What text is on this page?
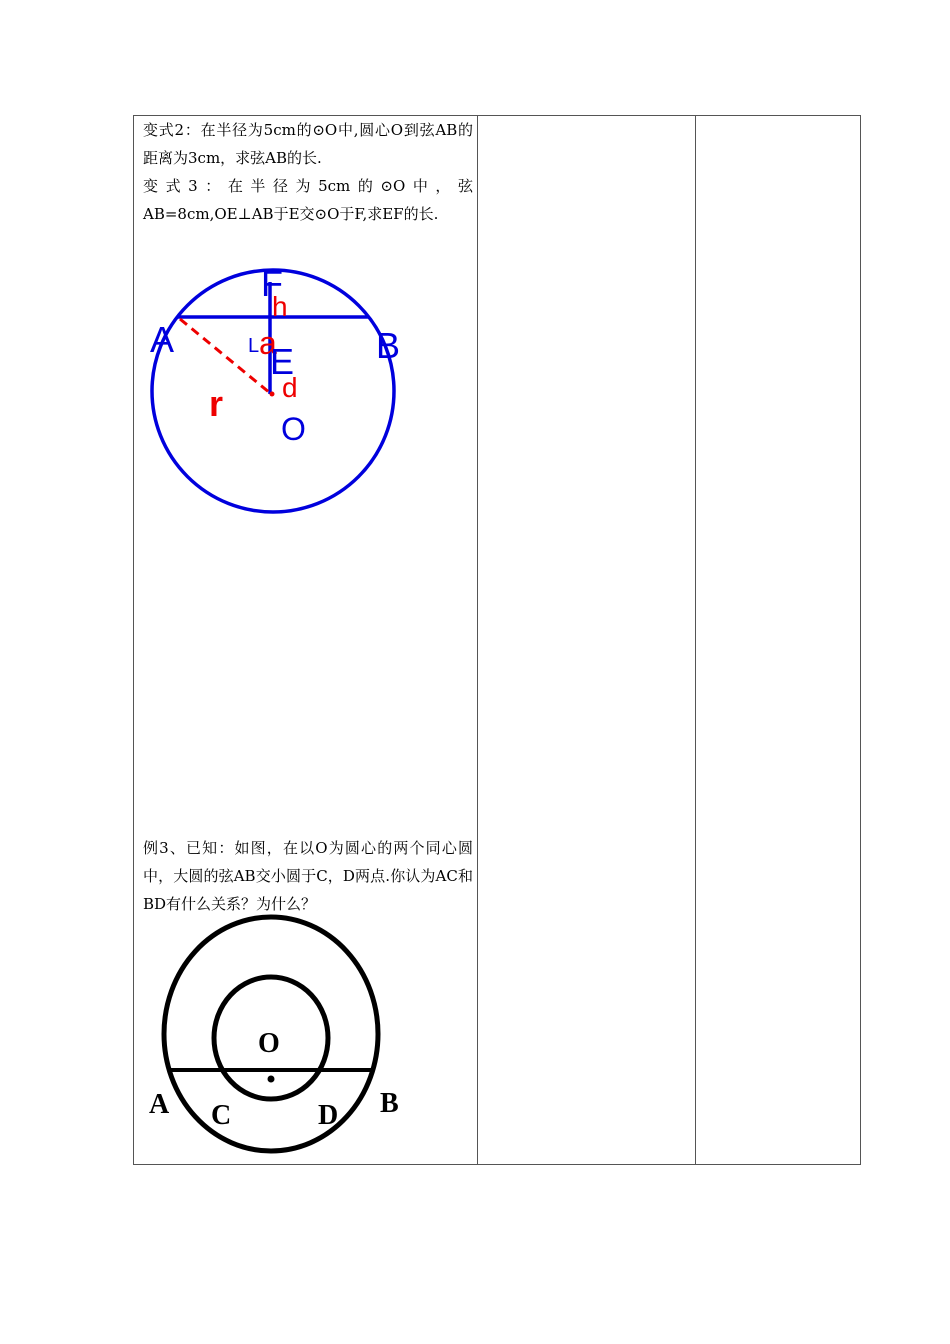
变式2：在半径为5cm的⊙O中,圆心O到弦AB的距离为3cm，求弦AB的长.

变式3：在半径为5cm的⊙O中，弦AB=8cm,OE⊥AB于E交⊙O于F,求EF的长.

例3、已知：如图，在以O为圆心的两个同心圆中，大圆的弦AB交小圆于C，D两点.你认为AC和BD有什么关系？为什么？

F
h
A	L a
E B
d
r
O
O
A C	D B
